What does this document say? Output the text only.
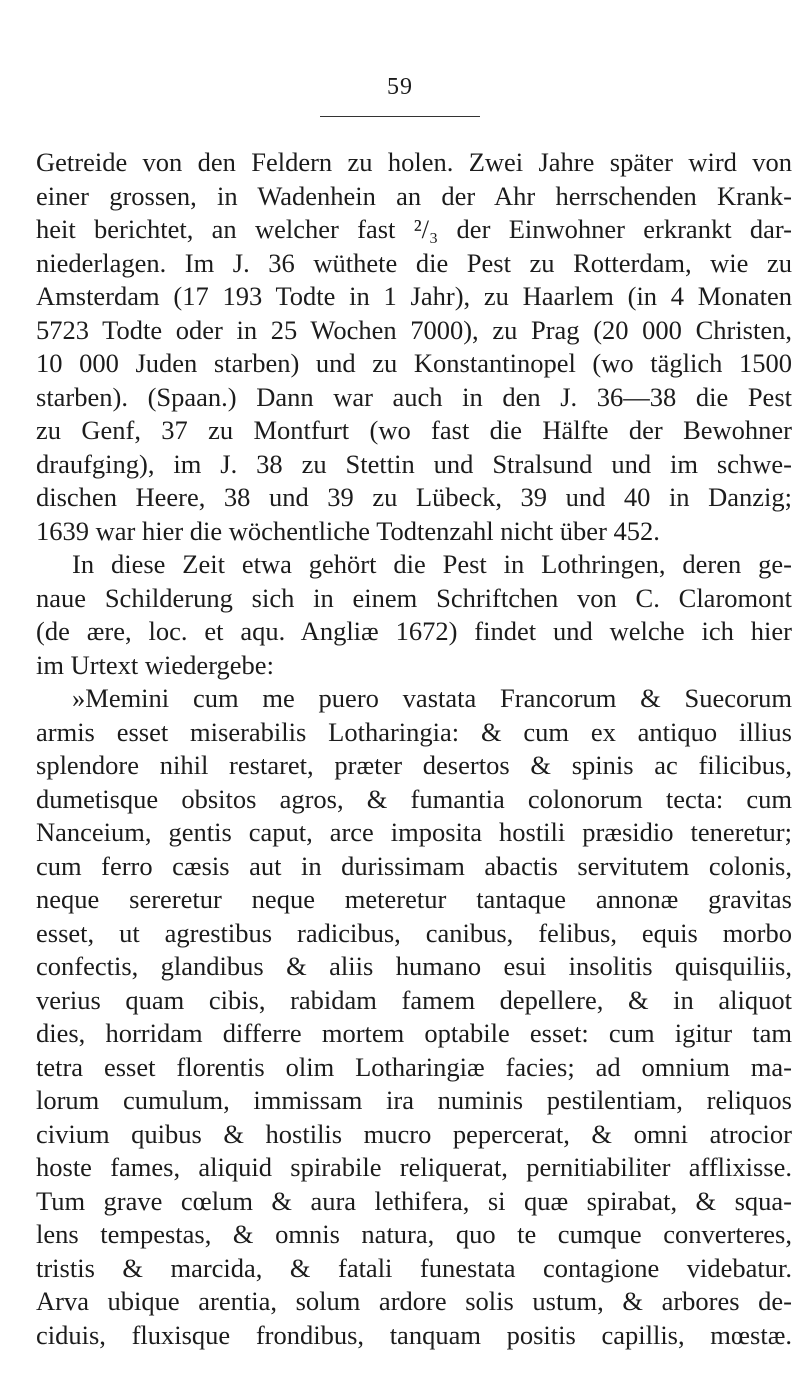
59
Getreide von den Feldern zu holen. Zwei Jahre später wird von
einer grossen, in Wadenhein an der Ahr herrschenden Krank-
heit berichtet, an welcher fast ²/₃ der Einwohner erkrankt dar-
niederlagen. Im J. 36 wüthete die Pest zu Rotterdam, wie zu
Amsterdam (17 193 Todte in 1 Jahr), zu Haarlem (in 4 Monaten
5723 Todte oder in 25 Wochen 7000), zu Prag (20 000 Christen,
10 000 Juden starben) und zu Konstantinopel (wo täglich 1500
starben). (Spaan.) Dann war auch in den J. 36—38 die Pest
zu Genf, 37 zu Montfurt (wo fast die Hälfte der Bewohner
draufging), im J. 38 zu Stettin und Stralsund und im schwe-
dischen Heere, 38 und 39 zu Lübeck, 39 und 40 in Danzig;
1639 war hier die wöchentliche Todtenzahl nicht über 452.
In diese Zeit etwa gehört die Pest in Lothringen, deren ge-
naue Schilderung sich in einem Schriftchen von C. Claromont
(de ære, loc. et aqu. Angliæ 1672) findet und welche ich hier
im Urtext wiedergebe:
»Memini cum me puero vastata Francorum & Suecorum
armis esset miserabilis Lotharingia: & cum ex antiquo illius
splendore nihil restaret, præter desertos & spinis ac filicibus,
dumetisque obsitos agros, & fumantia colonorum tecta: cum
Nanceium, gentis caput, arce imposita hostili præsidio teneretur;
cum ferro cæsis aut in durissimam abactis servitutem colonis,
neque sereretur neque meteretur tantaque annonæ gravitas
esset, ut agrestibus radicibus, canibus, felibus, equis morbo
confectis, glandibus & aliis humano esui insolitis quisquiliis,
verius quam cibis, rabidam famem depellere, & in aliquot
dies, horridam differre mortem optabile esset: cum igitur tam
tetra esset florentis olim Lotharingiæ facies; ad omnium ma-
lorum cumulum, immissam ira numinis pestilentiam, reliquos
civium quibus & hostilis mucro pepercerat, & omni atrocior
hoste fames, aliquid spirabile reliquerat, pernitiabiliter afflixisse.
Tum grave cœlum & aura lethifera, si quæ spirabat, & squa-
lens tempestas, & omnis natura, quo te cumque converteres,
tristis & marcida, & fatali funestata contagione videbatur.
Arva ubique arentia, solum ardore solis ustum, & arbores de-
ciduis, fluxisque frondibus, tanquam positis capillis, mœstæ.
